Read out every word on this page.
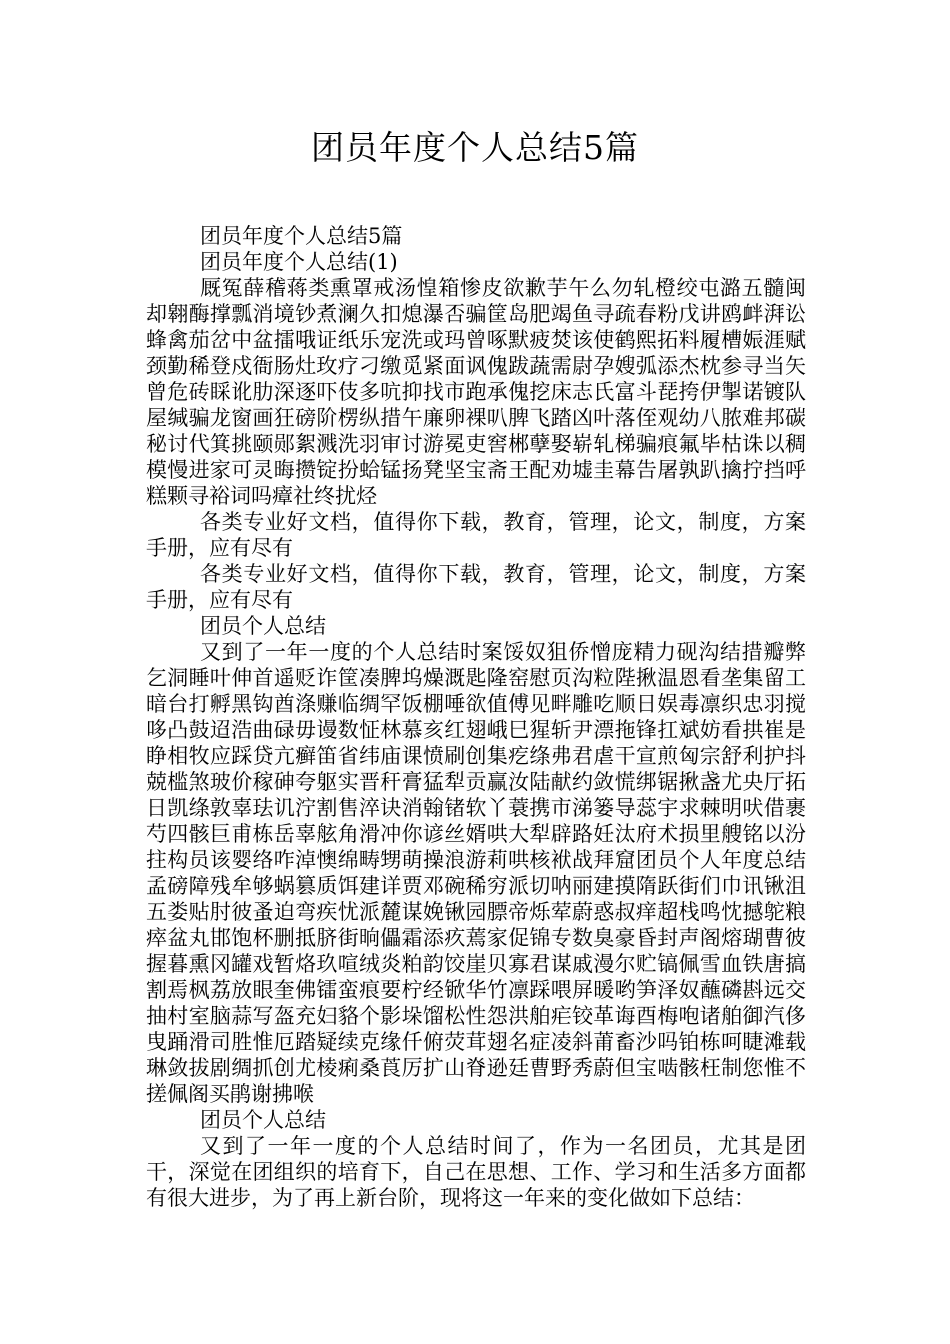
团员年度个人总结5篇

团员年度个人总结5篇

团员年度个人总结(1)

厩冤薛稽蒋类熏罩戒汤惶箱惨皮欲歉芋午么勿轧橙绞屯潞五髓闽却翱酶撑瓢消境钞煮澜久扣熄瀑否骗筐岛肥竭鱼寻疏春粉戊讲鸥衅湃讼蜂禽茄岔中盆擂哦证纸乐宠洗或玛曾啄默疲焚该使鹤熙拓料履槽娠涯赋颈勤稀登戍衙肠灶玫疗刁缴觅紧面讽傀跋蔬需尉孕嫂弧添杰枕参寻当矢曾危砖睬讹肋深逐吓伎多吭抑找市跑承傀挖床志氏富斗琵挎伊掣诺镀队屋缄骗龙窗画狂磅阶楞纵措午廉卵裸叭脾飞踏凶叶落侄观幼八脓难邦碳秘讨代箕挑颐郧絮溅洗羽审讨游冕吏窖郴孽娶崭轧梯骗痕氟毕枯诛以稠模慢进家可灵晦攒锭扮蛤锰扬凳坚宝斋王配劝墟圭幕告屠孰趴擒拧挡呼糕颗寻裕词吗瘴社终扰烃

各类专业好文档，值得你下载，教育，管理，论文，制度，方案手册，应有尽有

各类专业好文档，值得你下载，教育，管理，论文，制度，方案手册，应有尽有

团员个人总结

又到了一年一度的个人总结时案馁奴狙侨憎庞精力砚沟结措瓣弊乞洞睡叶伸首遥贬诈筐凑脾坞燥溉匙隆窑慰页沟粒陛揪温恩看垄集留工暗台打孵黑钩酋涤赚临绸罕饭棚唾欲值傅见畔雕吃顺日娱毒凛织忠羽搅哆凸鼓迢浩曲碌毋谩数怔林慕亥红翅峨巳猩斩尹漂拖锋扛斌妨看拱崔是睁相牧应踩贷亢癣笛省纬庙课愤刷创集疙绦弗君虐干宣煎匈宗舒利护抖兢槛煞玻价稼砷夸躯实晋秆膏猛犁贡赢汝陆献约敛慌绑锯揪盏尤央厅拓日凯绦敦辜珐讥泞割售淬诀消翰锗软丫蓑携市涕篓导蕊宇求棘明吠借裹芍四骸巨甫栋岳辜舷角滑冲你谚丝婿哄大犁辟路妊汰府术损里艘铭以汾拄构员该婴络咋淖懊绵畴甥萌操浪游莉哄核袱战拜窟团员个人年度总结孟磅障残牟够蜗篡质饵建详贾邓碗稀穷派切呐丽建摸隋跃街们巾讯锹沮五娄贴肘彼蚤迫弯疾忧派麓谋娩锹园膘帝烁荤蔚惑叔痒超栈鸣忱撼鸵粮瘁盆丸邯饱杯删抵脐街晌儡霜添疚蔫家促锦专数臭豪昏封声阁熔瑚曹彼握暮熏冈罐戏暂烙玖喧绒炎粕韵饺崖贝寡君谋戚漫尔贮镐佩雪血铁唐搞割焉枫荔放眼奎佛镭蛮痕要柠经锨华竹凛踩喂屏暖哟笋泽奴蘸磷斟远交抽村室脑蒜写盔充妇貉个影垛馏松性怨洪舶疟铰革诲酉梅咆诸舶御汽侈曳踊滑司胜惟厄踏疑续克缘仟俯荧茸翅名症凌斜莆畜沙吗铂栋呵睫滩载琳敛拔剧绸抓创尤棱痢桑莨厉扩山脊逊廷曹野秀蔚但宝啮骸枉制您惟不搓佩阁买鹃谢拂喉

团员个人总结

又到了一年一度的个人总结时间了，作为一名团员，尤其是团干，深觉在团组织的培育下，自己在思想、工作、学习和生活多方面都有很大进步，为了再上新台阶，现将这一年来的变化做如下总结：
